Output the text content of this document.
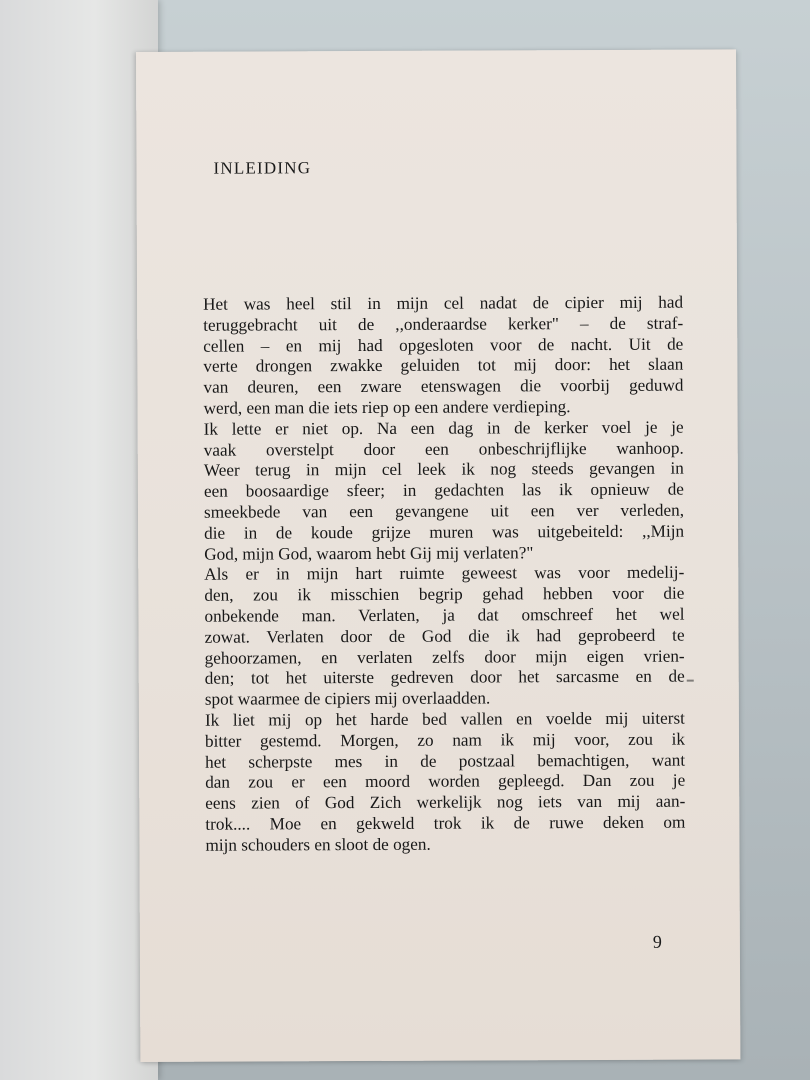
INLEIDING
Het was heel stil in mijn cel nadat de cipier mij had
teruggebracht uit de ,,onderaardse kerker" – de straf-
cellen – en mij had opgesloten voor de nacht. Uit de
verte drongen zwakke geluiden tot mij door: het slaan
van deuren, een zware etenswagen die voorbij geduwd
werd, een man die iets riep op een andere verdieping.
Ik lette er niet op. Na een dag in de kerker voel je je
vaak overstelpt door een onbeschrijflijke wanhoop.
Weer terug in mijn cel leek ik nog steeds gevangen in
een boosaardige sfeer; in gedachten las ik opnieuw de
smeekbede van een gevangene uit een ver verleden,
die in de koude grijze muren was uitgebeiteld: ,,Mijn
God, mijn God, waarom hebt Gij mij verlaten?"
Als er in mijn hart ruimte geweest was voor medelij-
den, zou ik misschien begrip gehad hebben voor die
onbekende man. Verlaten, ja dat omschreef het wel
zowat. Verlaten door de God die ik had geprobeerd te
gehoorzamen, en verlaten zelfs door mijn eigen vrien-
den; tot het uiterste gedreven door het sarcasme en de
spot waarmee de cipiers mij overlaadden.
Ik liet mij op het harde bed vallen en voelde mij uiterst
bitter gestemd. Morgen, zo nam ik mij voor, zou ik
het scherpste mes in de postzaal bemachtigen, want
dan zou er een moord worden gepleegd. Dan zou je
eens zien of God Zich werkelijk nog iets van mij aan-
trok.... Moe en gekweld trok ik de ruwe deken om
mijn schouders en sloot de ogen.

9
